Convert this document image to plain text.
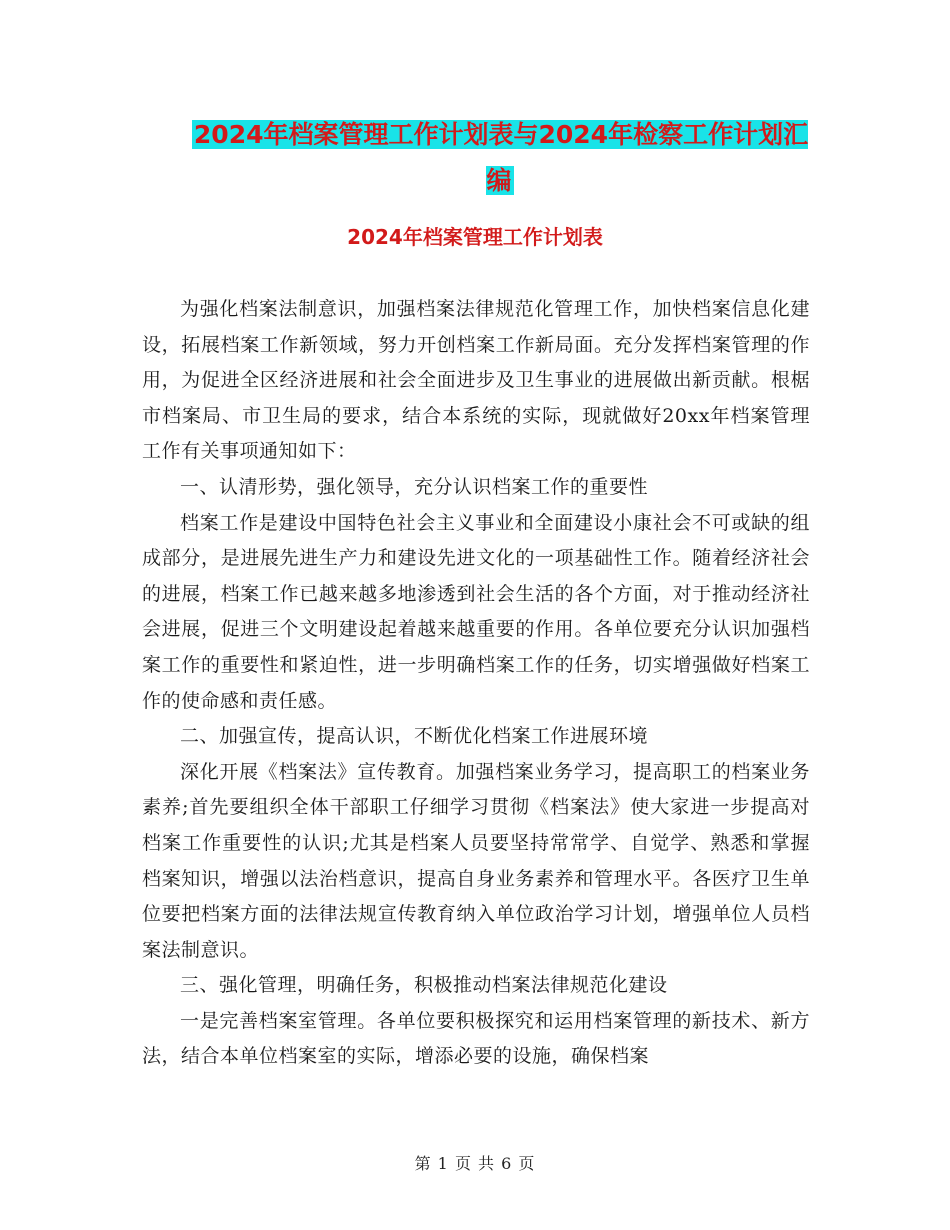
2024年档案管理工作计划表与2024年检察工作计划汇编
2024年档案管理工作计划表

为强化档案法制意识，加强档案法律规范化管理工作，加快档案信息化建设，拓展档案工作新领域，努力开创档案工作新局面。充分发挥档案管理的作用，为促进全区经济进展和社会全面进步及卫生事业的进展做出新贡献。根椐市档案局、市卫生局的要求，结合本系统的实际，现就做好20xx年档案管理工作有关事项通知如下：

一、认清形势，强化领导，充分认识档案工作的重要性

档案工作是建设中国特色社会主义事业和全面建设小康社会不可或缺的组成部分，是进展先进生产力和建设先进文化的一项基础性工作。随着经济社会的进展，档案工作已越来越多地渗透到社会生活的各个方面，对于推动经济社会进展，促进三个文明建设起着越来越重要的作用。各单位要充分认识加强档案工作的重要性和紧迫性，进一步明确档案工作的任务，切实增强做好档案工作的使命感和责任感。

二、加强宣传，提高认识，不断优化档案工作进展环境

深化开展《档案法》宣传教育。加强档案业务学习，提高职工的档案业务素养;首先要组织全体干部职工仔细学习贯彻《档案法》使大家进一步提高对档案工作重要性的认识;尤其是档案人员要坚持常常学、自觉学、熟悉和掌握档案知识，增强以法治档意识，提高自身业务素养和管理水平。各医疗卫生单位要把档案方面的法律法规宣传教育纳入单位政治学习计划，增强单位人员档案法制意识。

三、强化管理，明确任务，积极推动档案法律规范化建设

一是完善档案室管理。各单位要积极探究和运用档案管理的新技术、新方法，结合本单位档案室的实际，增添必要的设施，确保档案

第 1 页 共 6 页
